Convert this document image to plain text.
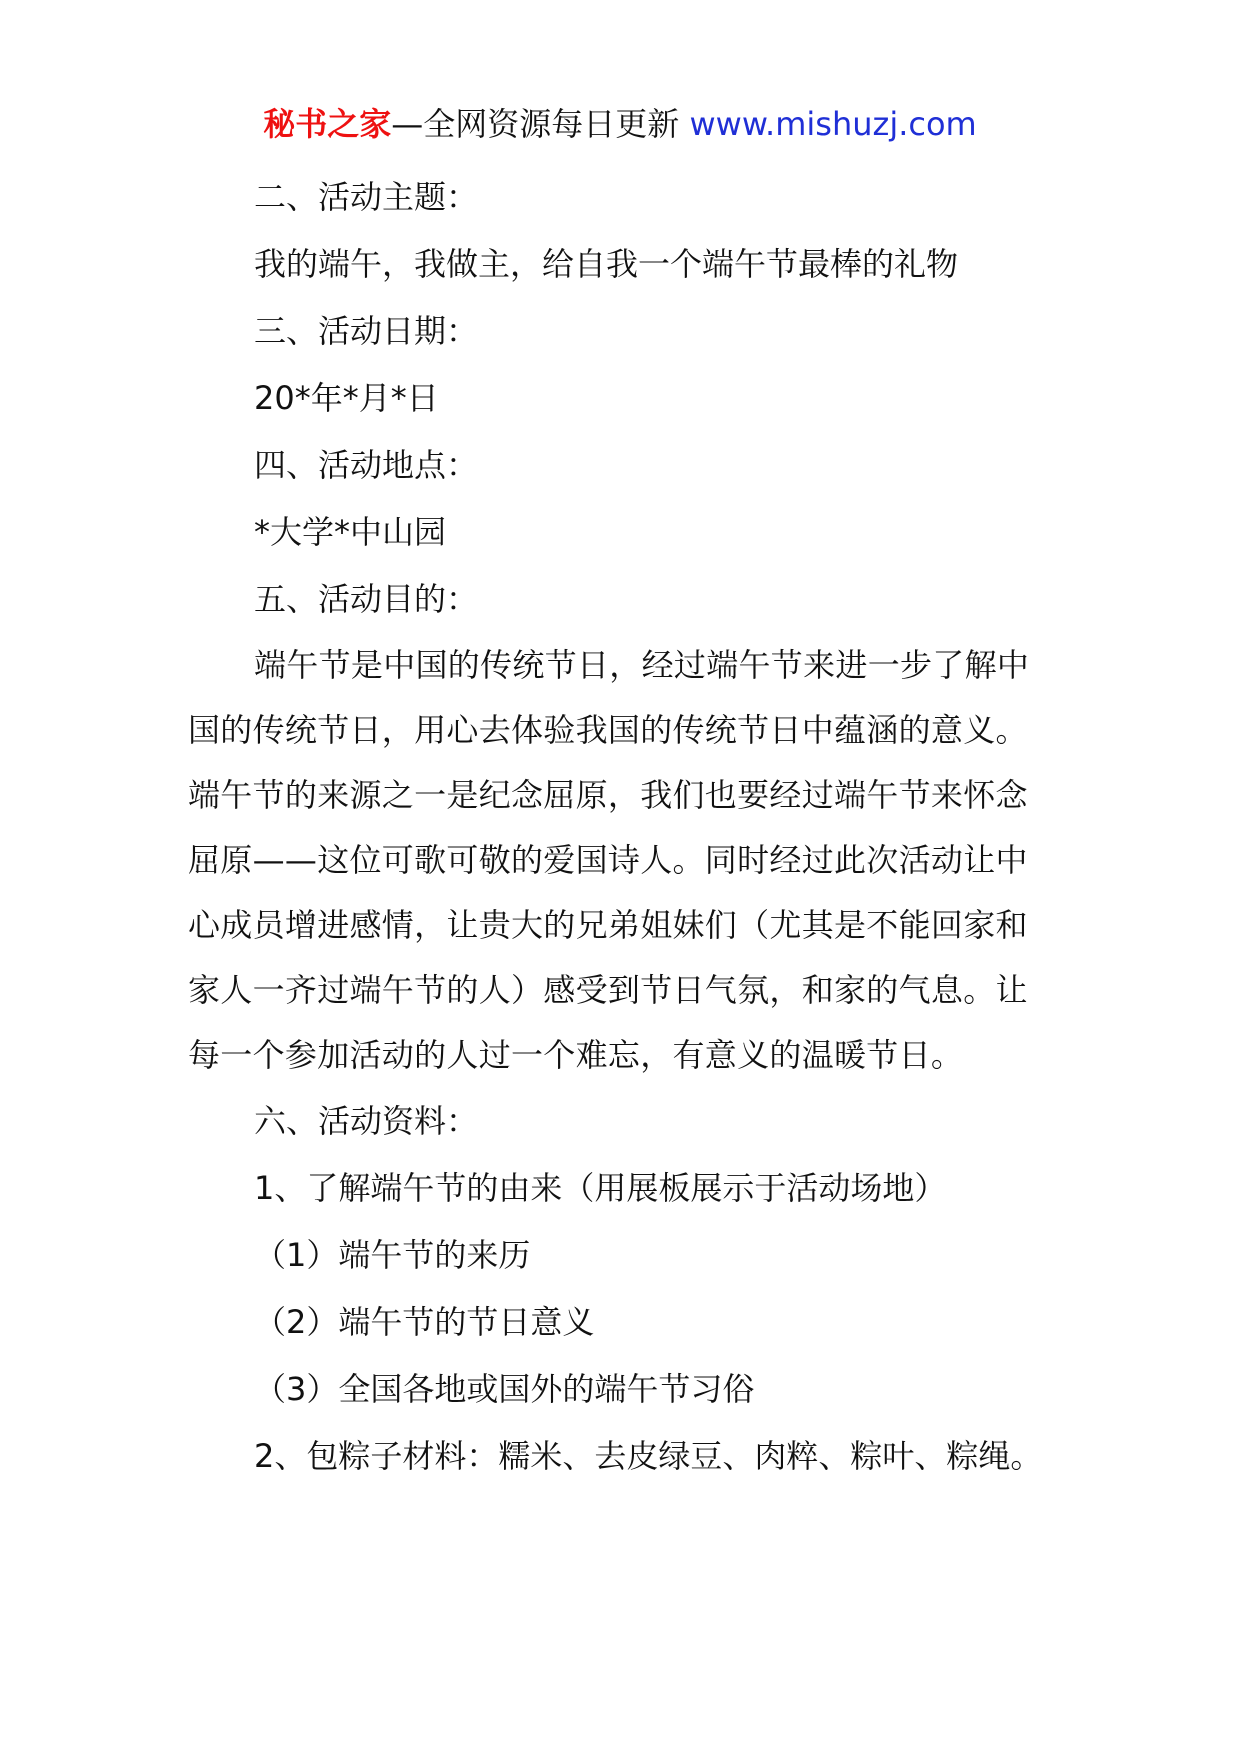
秘书之家—全网资源每日更新 www.mishuzj.com

二、活动主题：

我的端午，我做主，给自我一个端午节最棒的礼物

三、活动日期：

20*年*月*日

四、活动地点：

*大学*中山园

五、活动目的：

端午节是中国的传统节日，经过端午节来进一步了解中国的传统节日，用心去体验我国的传统节日中蕴涵的意义。端午节的来源之一是纪念屈原，我们也要经过端午节来怀念屈原——这位可歌可敬的爱国诗人。同时经过此次活动让中心成员增进感情，让贵大的兄弟姐妹们（尤其是不能回家和家人一齐过端午节的人）感受到节日气氛，和家的气息。让每一个参加活动的人过一个难忘，有意义的温暖节日。

六、活动资料：

1、了解端午节的由来（用展板展示于活动场地）

（1）端午节的来历

（2）端午节的节日意义

（3）全国各地或国外的端午节习俗

2、包粽子材料：糯米、去皮绿豆、肉粹、粽叶、粽绳。
